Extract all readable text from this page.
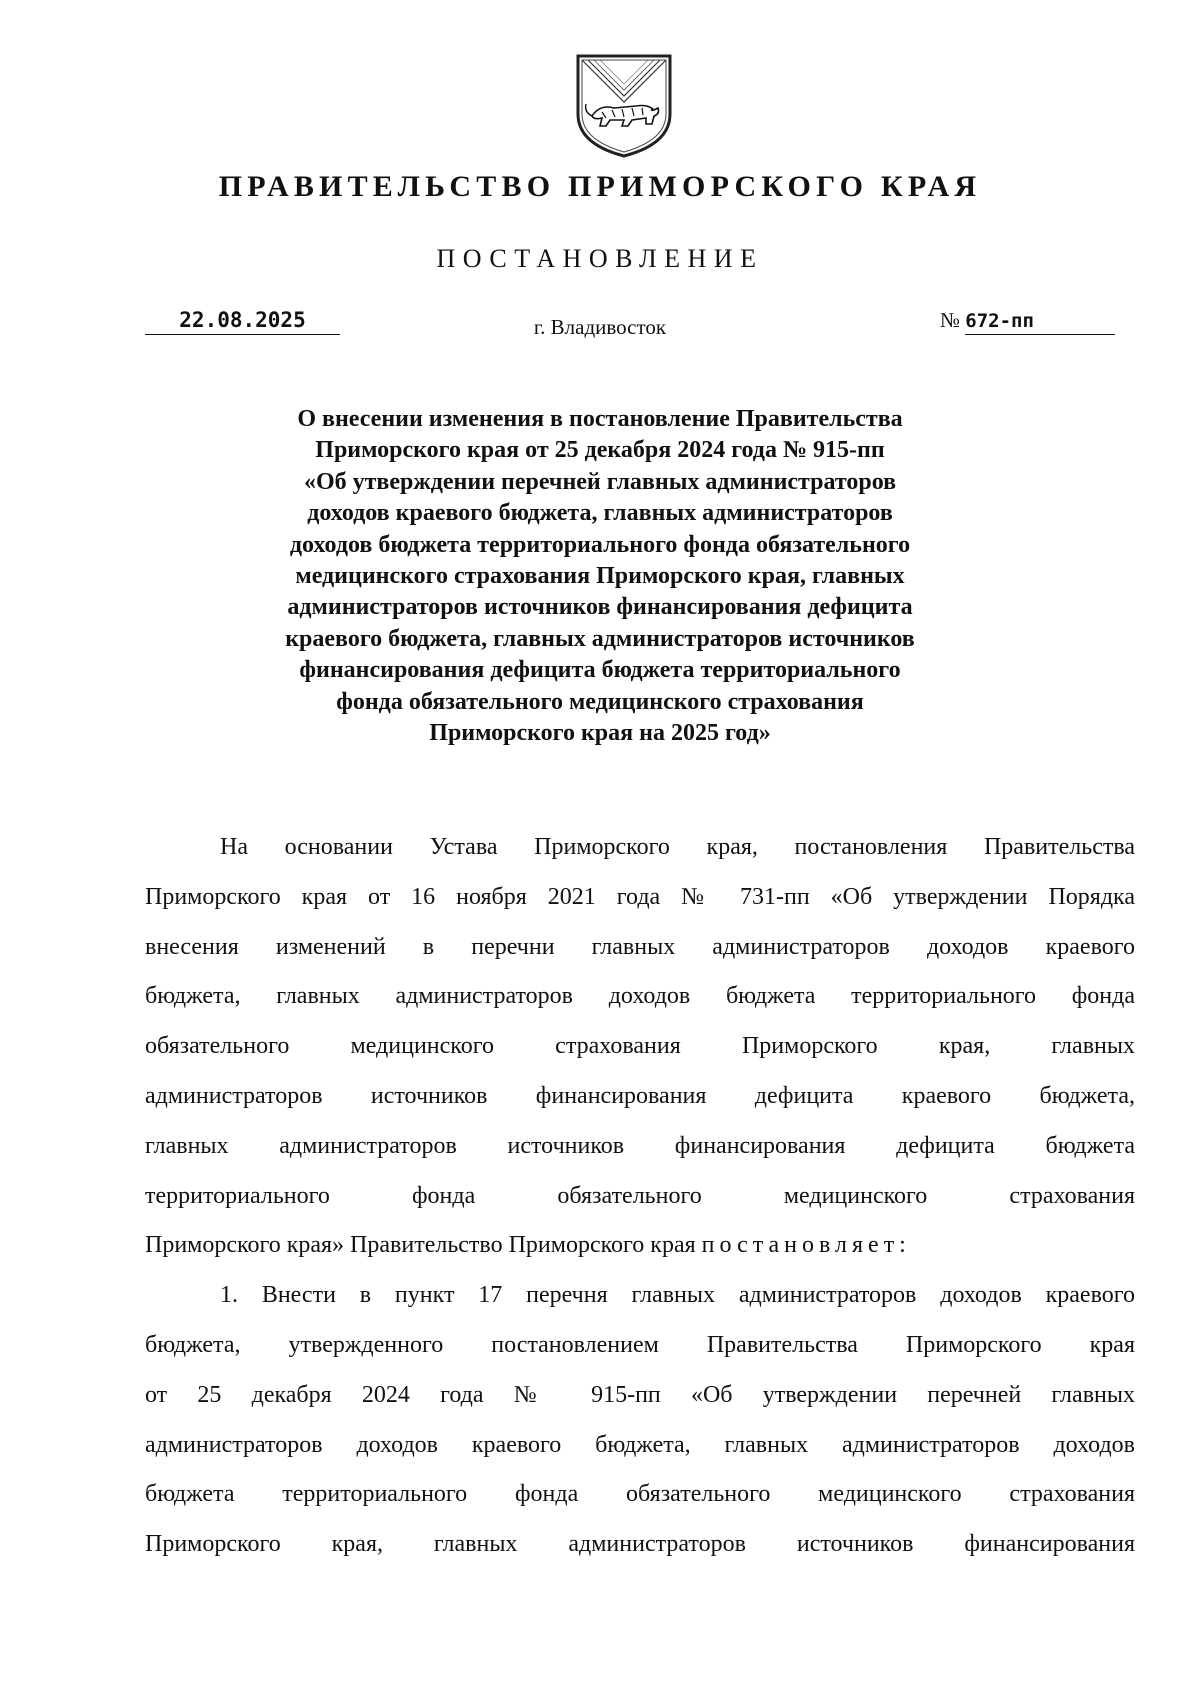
ПРАВИТЕЛЬСТВО ПРИМОРСКОГО КРАЯ
ПОСТАНОВЛЕНИЕ
22.08.2025	г. Владивосток	№ 672-пп
О внесении изменения в постановление Правительства
Приморского края от 25 декабря 2024 года № 915-пп
«Об утверждении перечней главных администраторов
доходов краевого бюджета, главных администраторов
доходов бюджета территориального фонда обязательного
медицинского страхования Приморского края, главных
администраторов источников финансирования дефицита
краевого бюджета, главных администраторов источников
финансирования дефицита бюджета территориального
фонда обязательного медицинского страхования
Приморского края на 2025 год»
На основании Устава Приморского края, постановления Правительства
Приморского края от 16 ноября 2021 года № 731-пп «Об утверждении Порядка
внесения изменений в перечни главных администраторов доходов краевого
бюджета, главных администраторов доходов бюджета территориального фонда
обязательного медицинского страхования Приморского края, главных
администраторов источников финансирования дефицита краевого бюджета,
главных администраторов источников финансирования дефицита бюджета
территориального фонда обязательного медицинского страхования
Приморского края» Правительство Приморского края постановляет:
1. Внести в пункт 17 перечня главных администраторов доходов краевого
бюджета, утвержденного постановлением Правительства Приморского края
от 25 декабря 2024 года № 915-пп «Об утверждении перечней главных
администраторов доходов краевого бюджета, главных администраторов доходов
бюджета территориального фонда обязательного медицинского страхования
Приморского края, главных администраторов источников финансирования
